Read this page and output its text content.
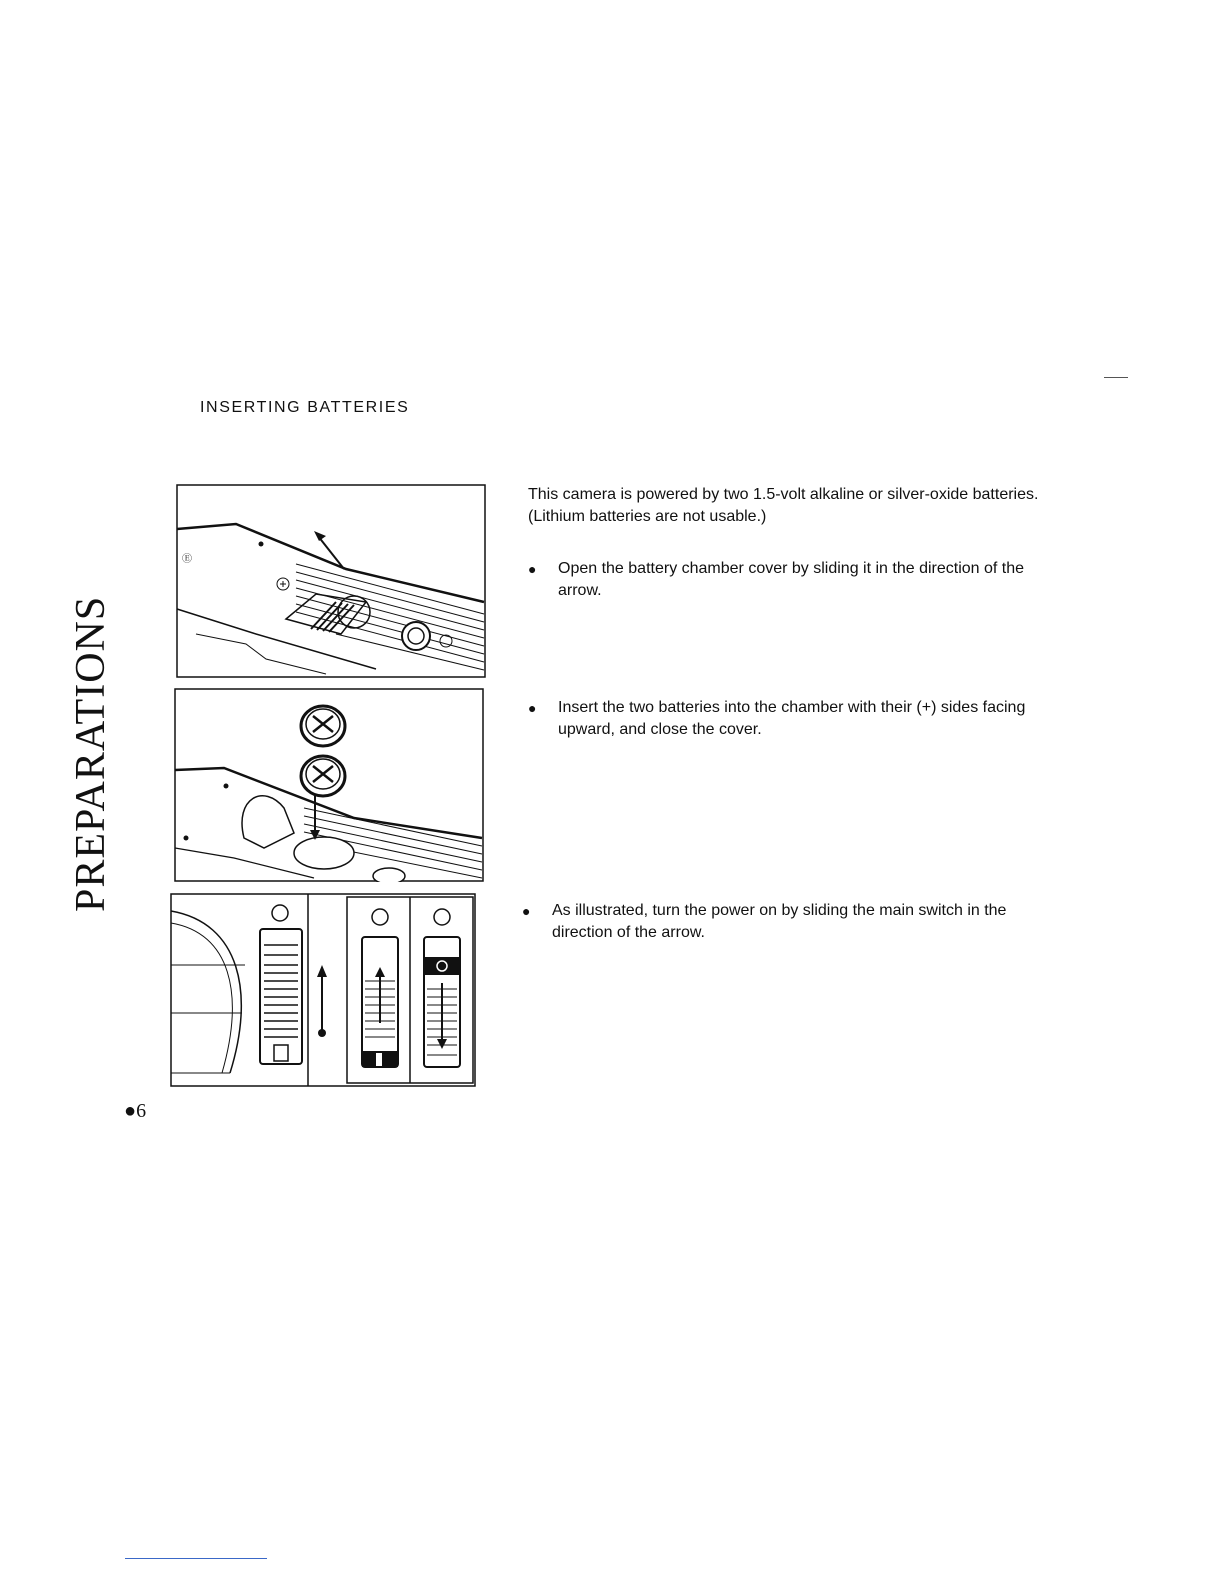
INSERTING BATTERIES
PREPARATIONS
Ⓔ
This camera is powered by two 1.5-volt alkaline or silver-oxide batteries. (Lithium batteries are not usable.)
●	Open the battery chamber cover by sliding it in the direction of the arrow.
●	Insert the two batteries into the chamber with their (+) sides facing upward, and close the cover.
●	As illustrated, turn the power on by sliding the main switch in the direction of the arrow.
●6
